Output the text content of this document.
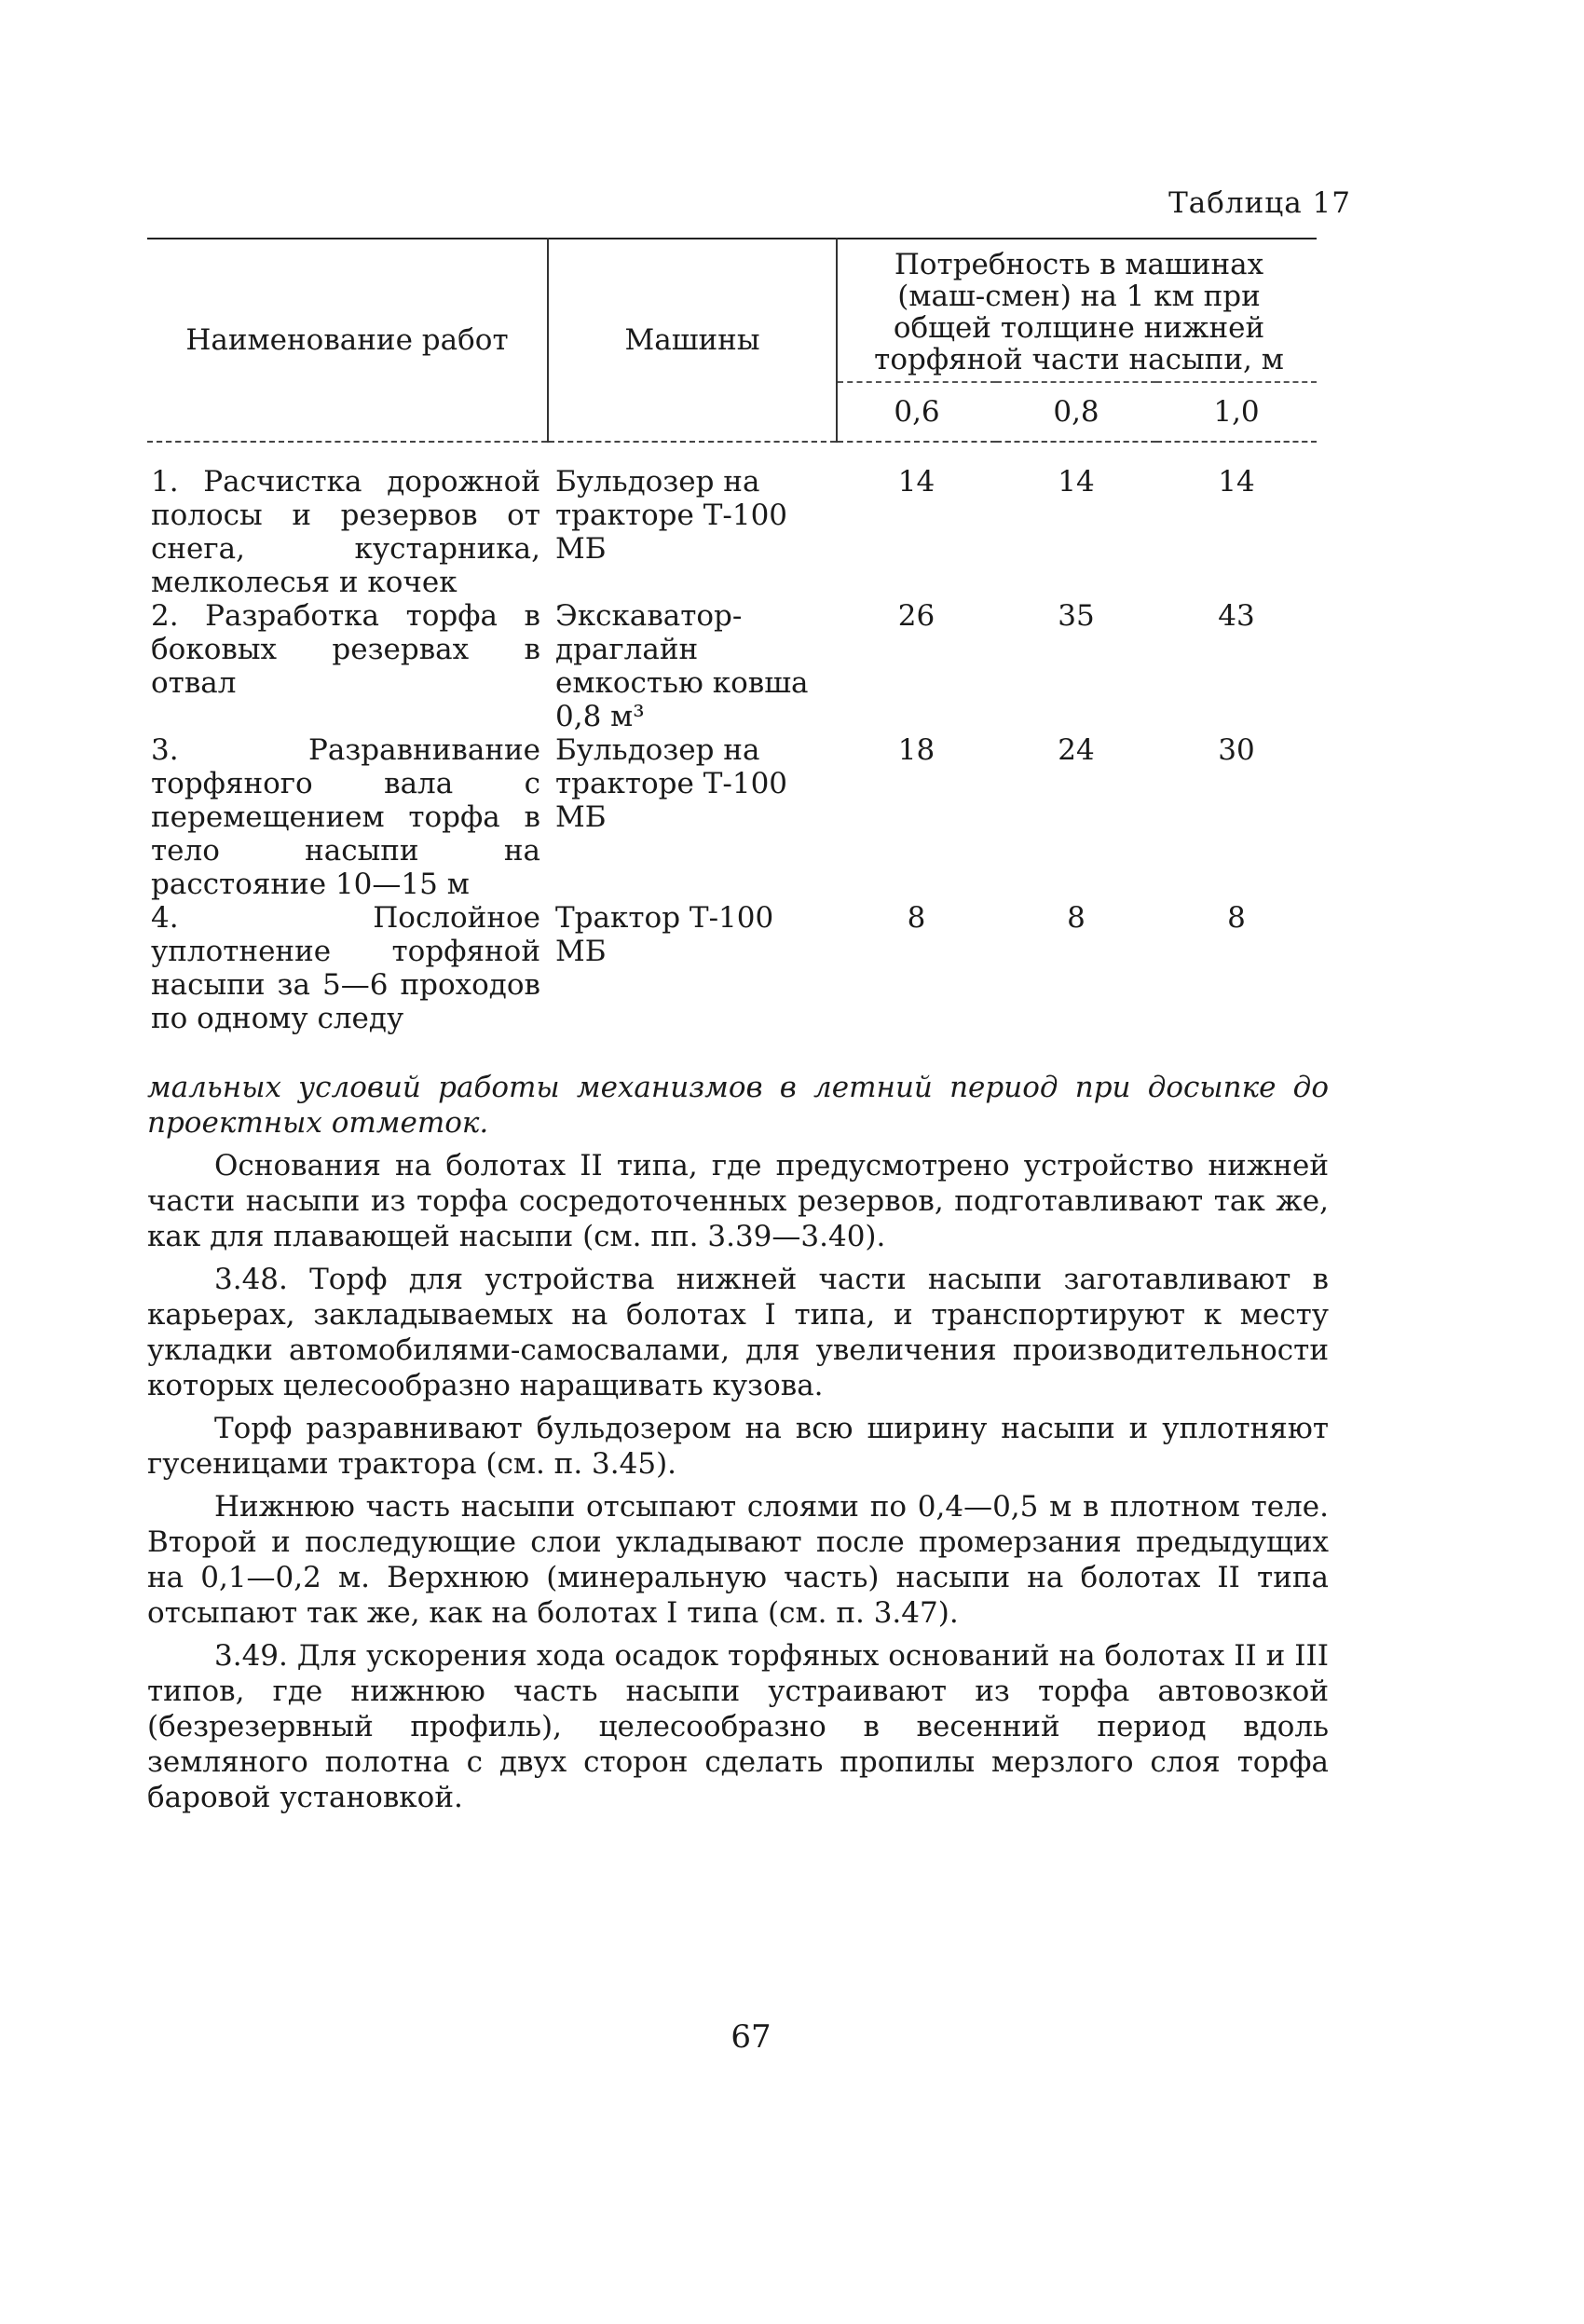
Таблица 17
Наименование работ	Машины	Потребность в машинах (маш-смен) на 1 км при общей толщине нижней торфяной части насыпи, м		
		0,6	0,8	1,0
1. Расчистка дорожной полосы и резервов от снега, кустарника, мелколесья и кочек	Бульдозер на тракторе Т-100 МБ	14	14	14
2. Разработка торфа в боковых резервах в отвал	Экскаватор-драглайн емкостью ковша 0,8 м³	26	35	43
3. Разравнивание торфяного вала с перемещением торфа в тело насыпи на расстояние 10—15 м	Бульдозер на тракторе Т-100 МБ	18	24	30
4. Послойное уплотнение торфяной насыпи за 5—6 проходов по одному следу	Трактор Т-100 МБ	8	8	8

мальных условий работы механизмов в летний период при досыпке до проектных отметок.

Основания на болотах II типа, где предусмотрено устройство нижней части насыпи из торфа сосредоточенных резервов, подготавливают так же, как для плавающей насыпи (см. пп. 3.39—3.40).

3.48. Торф для устройства нижней части насыпи заготавливают в карьерах, закладываемых на болотах I типа, и транспортируют к месту укладки автомобилями-самосвалами, для увеличения производительности которых целесообразно наращивать кузова.

Торф разравнивают бульдозером на всю ширину насыпи и уплотняют гусеницами трактора (см. п. 3.45).

Нижнюю часть насыпи отсыпают слоями по 0,4—0,5 м в плотном теле. Второй и последующие слои укладывают после промерзания предыдущих на 0,1—0,2 м. Верхнюю (минеральную часть) насыпи на болотах II типа отсыпают так же, как на болотах I типа (см. п. 3.47).

3.49. Для ускорения хода осадок торфяных оснований на болотах II и III типов, где нижнюю часть насыпи устраивают из торфа автовозкой (безрезервный профиль), целесообразно в весенний период вдоль земляного полотна с двух сторон сделать пропилы мерзлого слоя торфа баровой установкой.

67
